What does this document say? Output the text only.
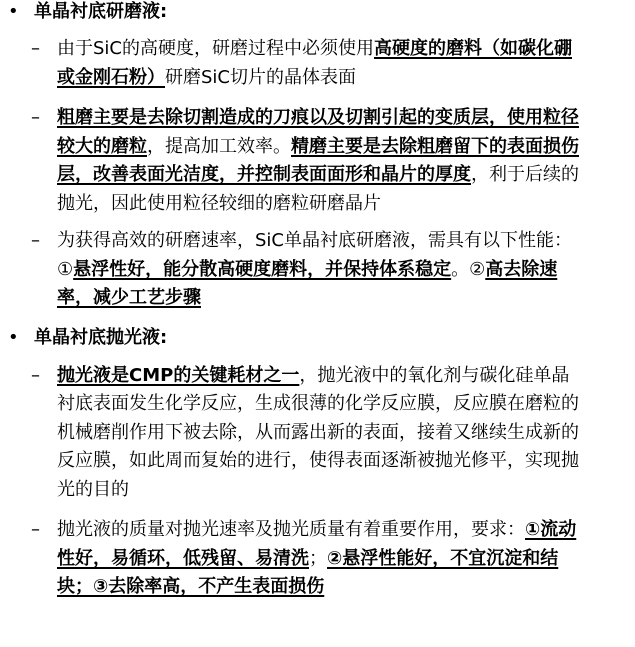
• 单晶衬底研磨液:
– 由于SiC的高硬度，研磨过程中必须使用高硬度的磨料（如碳化硼或金刚石粉）研磨SiC切片的晶体表面
– 粗磨主要是去除切割造成的刀痕以及切割引起的变质层，使用粒径较大的磨粒，提高加工效率。精磨主要是去除粗磨留下的表面损伤层，改善表面光洁度，并控制表面面形和晶片的厚度，利于后续的抛光，因此使用粒径较细的磨粒研磨晶片
– 为获得高效的研磨速率，SiC单晶衬底研磨液，需具有以下性能：①悬浮性好，能分散高硬度磨料，并保持体系稳定。②高去除速率，减少工艺步骤
• 单晶衬底抛光液:
– 抛光液是CMP的关键耗材之一，抛光液中的氧化剂与碳化硅单晶衬底表面发生化学反应，生成很薄的化学反应膜，反应膜在磨粒的机械磨削作用下被去除，从而露出新的表面，接着又继续生成新的反应膜，如此周而复始的进行，使得表面逐渐被抛光修平，实现抛光的目的
– 抛光液的质量对抛光速率及抛光质量有着重要作用，要求：①流动性好，易循环，低残留、易清洗；②悬浮性能好，不宜沉淀和结块；③去除率高，不产生表面损伤
